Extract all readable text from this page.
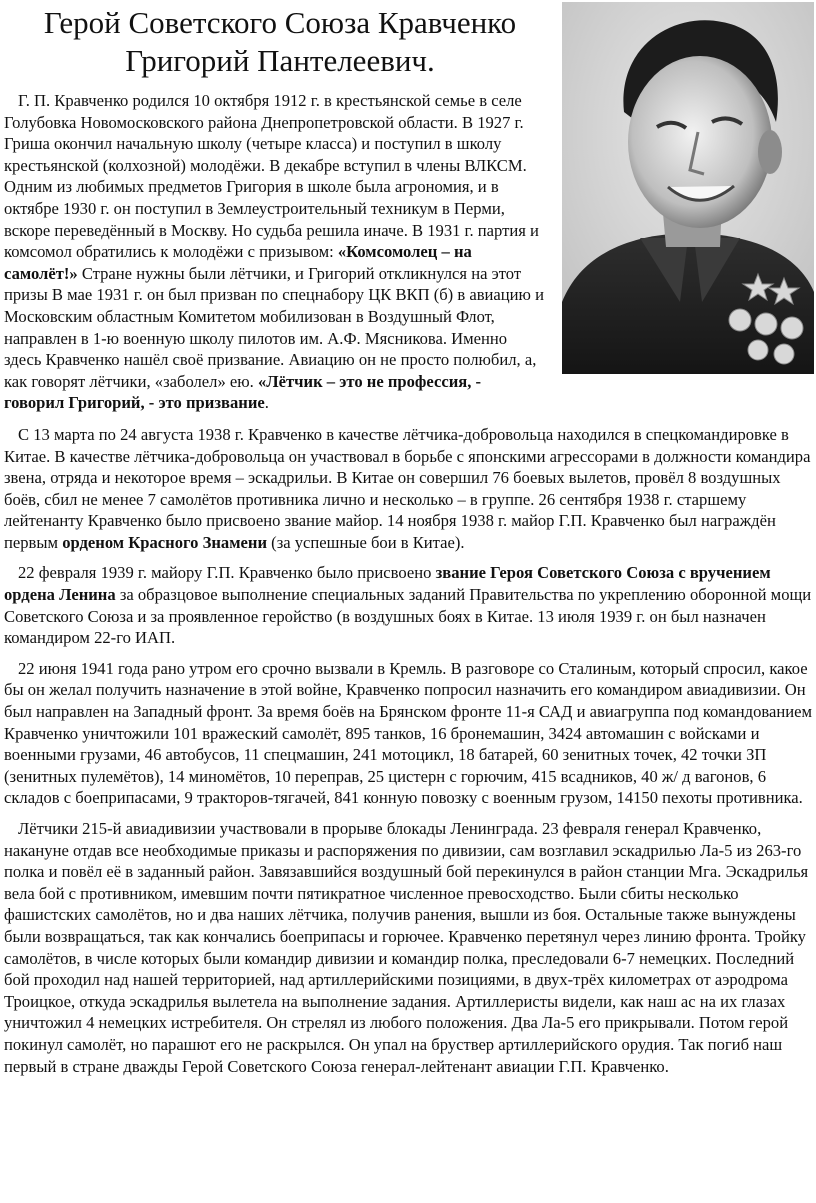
Герой Советского Союза Кравченко
Григорий Пантелеевич.

Г. П. Кравченко родился 10 октября 1912 г. в крестьянской семье в селе Голубовка Новомосковского района Днепропетровской области. В 1927 г. Гриша окончил начальную школу (четыре класса) и поступил в школу крестьянской (колхозной) молодёжи. В декабре вступил в члены ВЛКСМ. Одним из любимых предметов Григория в школе была агрономия, и в октябре 1930 г. он поступил в Землеустроительный техникум в Перми, вскоре переведённый в Москву. Но судьба решила иначе. В 1931 г. партия и комсомол обратились к молодёжи с призывом: «Комсомолец – на самолёт!» Стране нужны были лётчики, и Григорий откликнулся на этот призы В мае 1931 г. он был призван по спецнабору ЦК ВКП (б) в авиацию и Московским областным Комитетом мобилизован в Воздушный Флот, направлен в 1-ю военную школу пилотов им. А.Ф. Мясникова. Именно здесь Кравченко нашёл своё призвание. Авиацию он не просто полюбил, а, как говорят лётчики, «заболел» ею. «Лётчик – это не профессия, - говорил Григорий, - это призвание.

С 13 марта по 24 августа 1938 г. Кравченко в качестве лётчика-добровольца находился в спецкомандировке в Китае. В качестве лётчика-добровольца он участвовал в борьбе с японскими агрессорами в должности командира звена, отряда и некоторое время – эскадрильи. В Китае он совершил 76 боевых вылетов, провёл 8 воздушных боёв, сбил не менее 7 самолётов противника лично и несколько – в группе. 26 сентября 1938 г. старшему лейтенанту Кравченко было присвоено звание майор. 14 ноября 1938 г. майор Г.П. Кравченко был награждён первым орденом Красного Знамени (за успешные бои в Китае).

22 февраля 1939 г. майору Г.П. Кравченко было присвоено звание Героя Советского Союза с вручением ордена Ленина за образцовое выполнение специальных заданий Правительства по укреплению оборонной мощи Советского Союза и за проявленное геройство (в воздушных боях в Китае. 13 июля 1939 г. он был назначен командиром 22-го ИАП.

22 июня 1941 года рано утром его срочно вызвали в Кремль. В разговоре со Сталиным, который спросил, какое бы он желал получить назначение в этой войне, Кравченко попросил назначить его командиром авиадивизии. Он был направлен на Западный фронт. За время боёв на Брянском фронте 11-я САД и авиагруппа под командованием Кравченко уничтожили 101 вражеский самолёт, 895 танков, 16 бронемашин, 3424 автомашин с войсками и военными грузами, 46 автобусов, 11 спецмашин, 241 мотоцикл, 18 батарей, 60 зенитных точек, 42 точки ЗП (зенитных пулемётов), 14 миномётов, 10 переправ, 25 цистерн с горючим, 415 всадников, 40 ж/ д вагонов, 6 складов с боеприпасами, 9 тракторов-тягачей, 841 конную повозку с военным грузом, 14150 пехоты противника.

Лётчики 215-й авиадивизии участвовали в прорыве блокады Ленинграда. 23 февраля генерал Кравченко, накануне отдав все необходимые приказы и распоряжения по дивизии, сам возглавил эскадрилью Ла-5 из 263-го полка и повёл её в заданный район. Завязавшийся воздушный бой перекинулся в район станции Мга. Эскадрилья вела бой с противником, имевшим почти пятикратное численное превосходство. Были сбиты несколько фашистских самолётов, но и два наших лётчика, получив ранения, вышли из боя. Остальные также вынуждены были возвращаться, так как кончались боеприпасы и горючее. Кравченко перетянул через линию фронта. Тройку самолётов, в числе которых были командир дивизии и командир полка, преследовали 6-7 немецких. Последний бой проходил над нашей территорией, над артиллерийскими позициями, в двух-трёх километрах от аэродрома Троицкое, откуда эскадрилья вылетела на выполнение задания. Артиллеристы видели, как наш ас на их глазах уничтожил 4 немецких истребителя. Он стрелял из любого положения. Два Ла-5 его прикрывали. Потом герой покинул самолёт, но парашют его не раскрылся. Он упал на бруствер артиллерийского орудия. Так погиб наш первый в стране дважды Герой Советского Союза генерал-лейтенант авиации Г.П. Кравченко.
